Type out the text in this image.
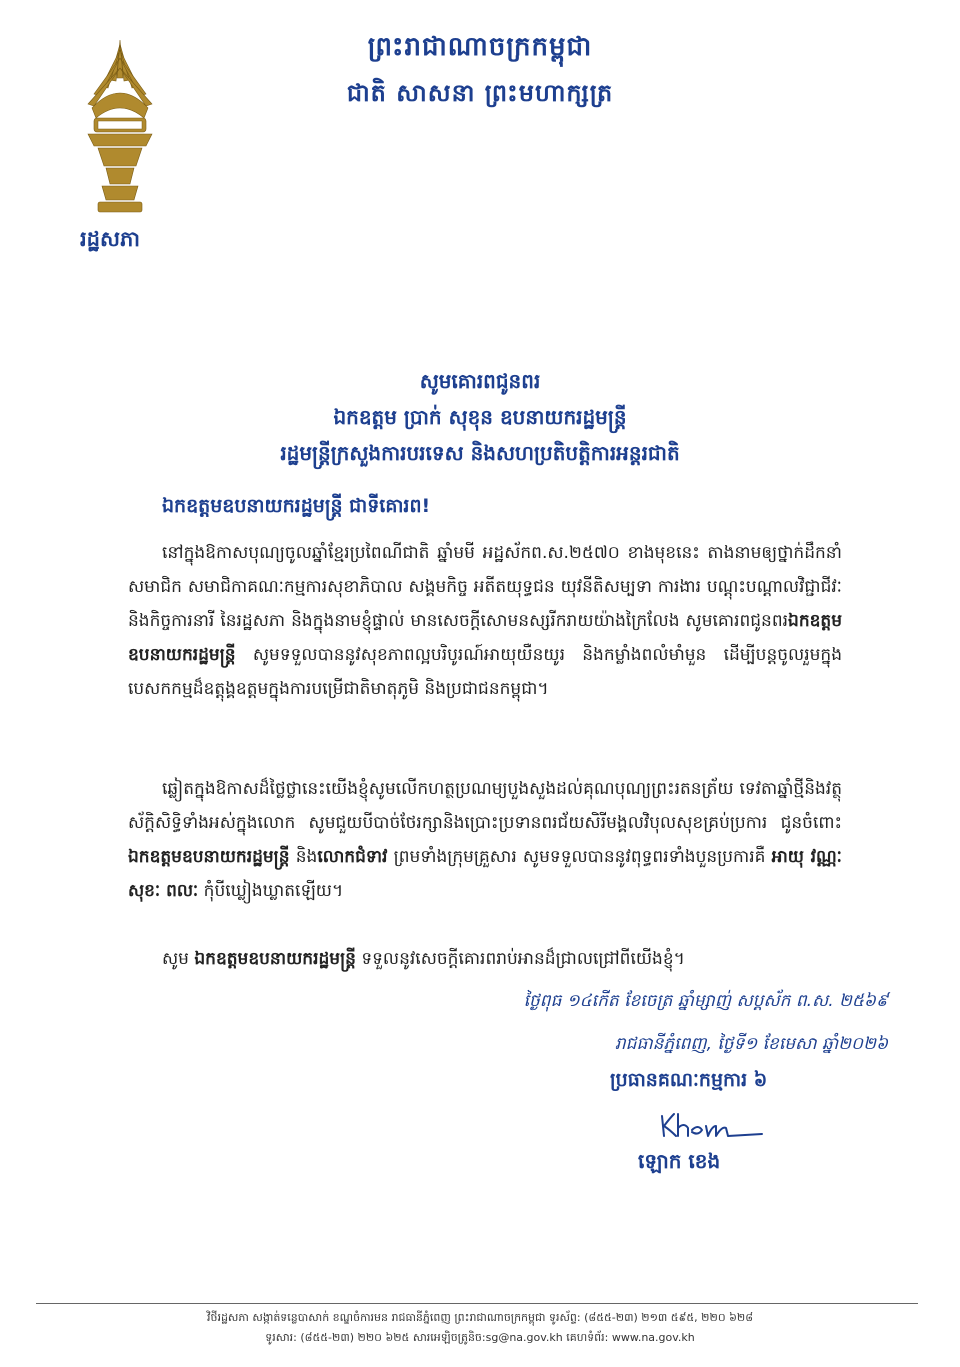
រដ្ឋសភា
ព្រះរាជាណាចក្រកម្ពុជា
ជាតិ សាសនា ព្រះមហាក្សត្រ
សូមគោរពជូនពរ
ឯកឧត្តម ប្រាក់ សុខុន ឧបនាយករដ្ឋមន្ត្រី
រដ្ឋមន្ត្រីក្រសួងការបរទេស និងសហប្រតិបត្តិការអន្តរជាតិ
ឯកឧត្តមឧបនាយករដ្ឋមន្ត្រី ជាទីគោរព!
នៅក្នុងឱកាសបុណ្យចូលឆ្នាំខ្មែរប្រពៃណីជាតិ ឆ្នាំមមី អដ្ឋស័កព.ស.២៥៧០ ខាងមុខនេះ តាងនាមឲ្យថ្នាក់ដឹកនាំ សមាជិក សមាជិកាគណៈកម្មការសុខាភិបាល សង្គមកិច្ច អតីតយុទ្ធជន យុវនីតិសម្បទា ការងារ បណ្តុះបណ្តាលវិជ្ជាជីវៈ និងកិច្ចការនារី នៃរដ្ឋសភា និងក្នុងនាមខ្ញុំផ្ទាល់ មានសេចក្តីសោមនស្សរីករាយយ៉ាងក្រៃលែង សូមគោរពជូនពរឯកឧត្តមឧបនាយករដ្ឋមន្ត្រី សូមទទួលបាននូវសុខភាពល្អបរិបូរណ៍អាយុយឺនយូរ និងកម្លាំងពលំមាំមួន ដើម្បីបន្តចូលរួមក្នុងបេសកកម្មដ៏ឧត្តុង្គឧត្តមក្នុងការបម្រើជាតិមាតុភូមិ និងប្រជាជនកម្ពុជា។
ឆ្លៀតក្នុងឱកាសដ៏ថ្លៃថ្លានេះយើងខ្ញុំសូមលើកហត្ថប្រណម្យបួងសួងដល់គុណបុណ្យព្រះរតនត្រ័យ ទេវតាឆ្នាំថ្មីនិងវត្ថុស័ក្តិសិទ្ធិទាំងអស់ក្នុងលោក សូមជួយបីបាច់ថែរក្សានិងប្រោះប្រទានពរជ័យសិរីមង្គលវិបុលសុខគ្រប់ប្រការ ជូនចំពោះ ឯកឧត្តមឧបនាយករដ្ឋមន្ត្រី និងលោកជំទាវ ព្រមទាំងក្រុមគ្រួសារ សូមទទួលបាននូវពុទ្ធពរទាំងបួនប្រការគឺ អាយុ វណ្ណៈ សុខៈ ពលៈ កុំបីឃ្លៀងឃ្លាតឡើយ។
សូម ឯកឧត្តមឧបនាយករដ្ឋមន្ត្រី ទទួលនូវសេចក្តីគោរពរាប់អានដ៏ជ្រាលជ្រៅពីយើងខ្ញុំ។
ថ្ងៃពុធ ១៤កើត ខែចេត្រ ឆ្នាំម្សាញ់ សប្តស័ក ព.ស. ២៥៦៩
រាជធានីភ្នំពេញ, ថ្ងៃទី១ ខែមេសា ឆ្នាំ២០២៦
ប្រធានគណៈកម្មការ ៦
ឡោក ខេង
វិថីរដ្ឋសភា សង្កាត់ទន្លេបាសាក់ ខណ្ឌចំការមន រាជធានីភ្នំពេញ ព្រះរាជាណាចក្រកម្ពុជា ទូរស័ព្ទ: (៨៥៥-២៣) ២១៣ ៥៩៥, ២២០ ៦២៨
ទូរសារ: (៨៥៥-២៣) ២២០ ៦២៥ សារអេឡិចត្រូនិច:sg@na.gov.kh គេហទំព័រ: www.na.gov.kh
